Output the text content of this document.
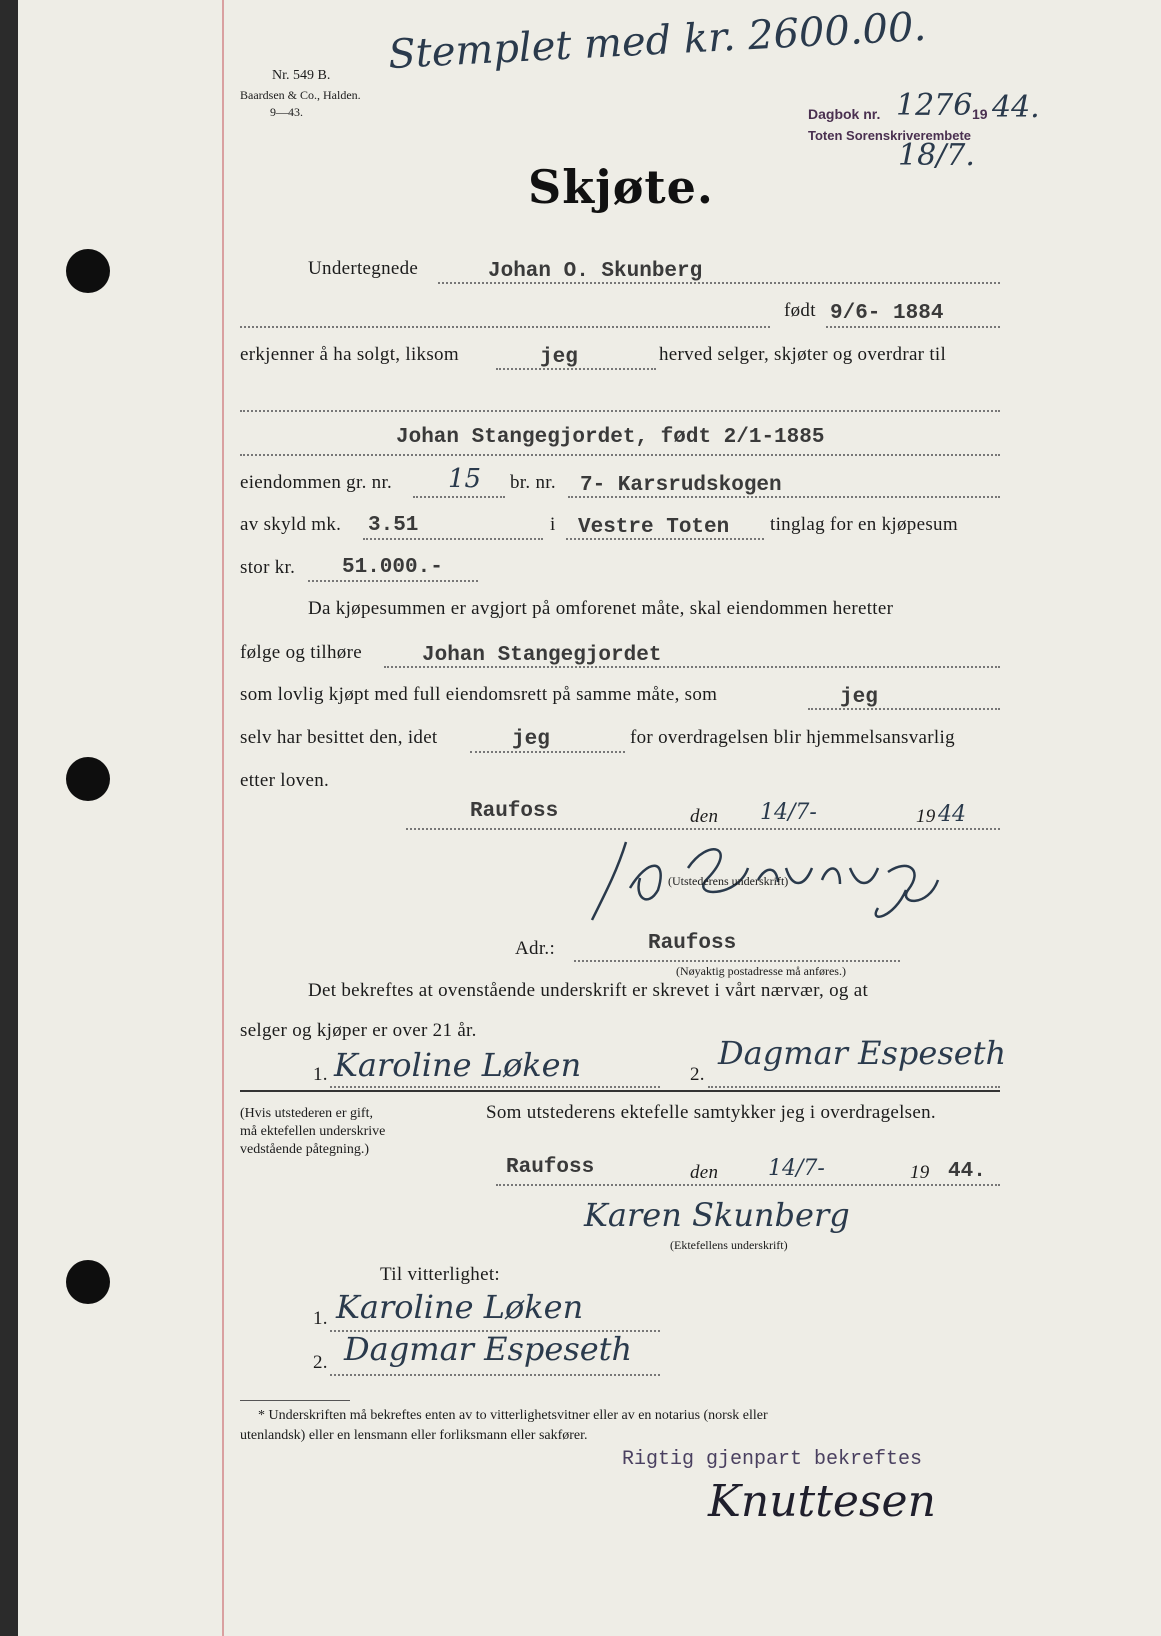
Nr. 549 B.
Baardsen & Co., Halden.
9—43.
Stemplet med kr. 2600.00.
Dagbok nr. 1276 19 44.
Toten Sorenskriverembete
18/7.
Skjøte.
Undertegnede	Johan O. Skunberg
født 9/6- 1884
erkjenner å ha solgt, liksom	jeg	herved selger, skjøter og overdrar til
Johan Stangegjordet, født 2/1-1885
eiendommen gr. nr. 15 br. nr. 7- Karsrudskogen
av skyld mk. 3.51	i Vestre Toten tinglag for en kjøpesum
stor kr. 51.000.-
Da kjøpesummen er avgjort på omforenet måte, skal eiendommen heretter
følge og tilhøre	Johan Stangegjordet
som lovlig kjøpt med full eiendomsrett på samme måte, som	jeg
selv har besittet den, idet	jeg	for overdragelsen blir hjemmelsansvarlig
etter loven.
Raufoss	den 14/7-	19 44
(Utstederens underskrift)
Adr.:	Raufoss
(Nøyaktig postadresse må anføres.)
Det bekreftes at ovenstående underskrift er skrevet i vårt nærvær, og at
selger og kjøper er over 21 år.
1. Karoline Løken	2.
Dagmar Espeseth
(Hvis utstederen er gift,
må ektefellen underskrive
vedstående påtegning.)
Som utstederens ektefelle samtykker jeg i overdragelsen.
Raufoss	den 14/7-	19 44.
Karen Skunberg
(Ektefellens underskrift)
Til vitterlighet:
1. Karoline Løken
2. Dagmar Espeseth
* Underskriften må bekreftes enten av to vitterlighetsvitner eller av en notarius (norsk eller
utenlandsk) eller en lensmann eller forliksmann eller sakfører.
Rigtig gjenpart bekreftes
Knuttesen
